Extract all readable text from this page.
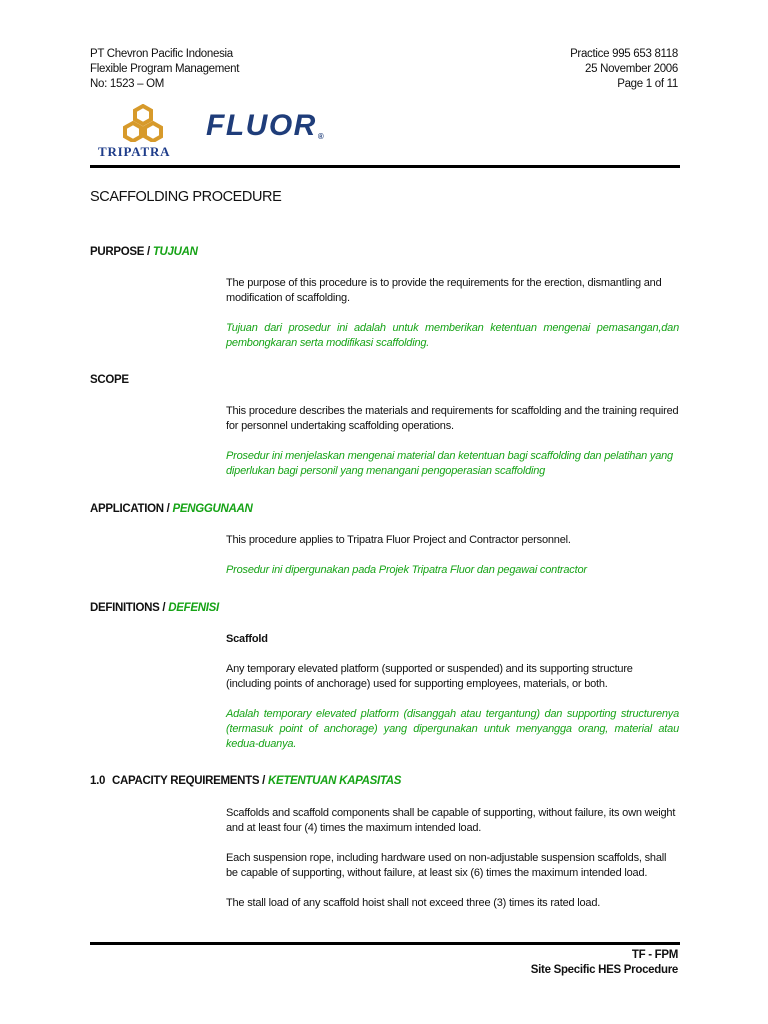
PT Chevron Pacific Indonesia
Flexible Program Management
No: 1523 – OM
Practice 995 653 8118
25 November 2006
Page 1 of 11
TRIPATRA
FLUOR®
SCAFFOLDING PROCEDURE
PURPOSE / TUJUAN
The purpose of this procedure is to provide the requirements for the erection, dismantling and modification of scaffolding.
Tujuan dari prosedur ini adalah untuk memberikan ketentuan mengenai pemasangan,dan pembongkaran serta modifikasi scaffolding.
SCOPE
This procedure describes the materials and requirements for scaffolding and the training required for personnel undertaking scaffolding operations.
Prosedur ini menjelaskan mengenai material dan ketentuan bagi scaffolding dan pelatihan yang diperlukan bagi personil yang menangani pengoperasian scaffolding
APPLICATION / PENGGUNAAN
This procedure applies to Tripatra Fluor Project and Contractor personnel.
Prosedur ini dipergunakan pada Projek Tripatra Fluor dan pegawai contractor
DEFINITIONS / DEFENISI
Scaffold
Any temporary elevated platform (supported or suspended) and its supporting structure (including points of anchorage) used for supporting employees, materials, or both.
Adalah temporary elevated platform (disanggah atau tergantung) dan supporting structurenya (termasuk point of anchorage) yang dipergunakan untuk menyangga orang, material atau kedua-duanya.
1.0 CAPACITY REQUIREMENTS / KETENTUAN KAPASITAS
Scaffolds and scaffold components shall be capable of supporting, without failure, its own weight and at least four (4) times the maximum intended load.
Each suspension rope, including hardware used on non-adjustable suspension scaffolds, shall be capable of supporting, without failure, at least six (6) times the maximum intended load.
The stall load of any scaffold hoist shall not exceed three (3) times its rated load.
TF - FPM
Site Specific HES Procedure
